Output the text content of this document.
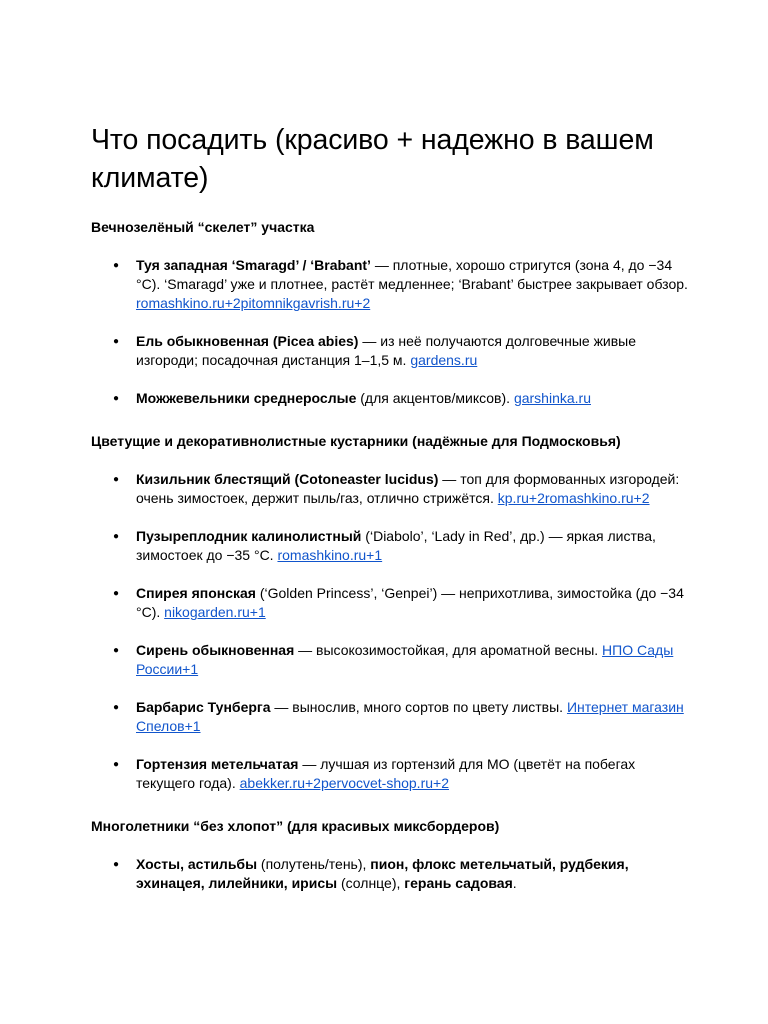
Что посадить (красиво + надежно в вашем климате)
Вечнозелёный “скелет” участка
● Туя западная ‘Smaragd’ / ‘Brabant’ — плотные, хорошо стригутся (зона 4, до −34 °С). ‘Smaragd’ уже и плотнее, растёт медленнее; ‘Brabant’ быстрее закрывает обзор. romashkino.ru+2pitomnikgavrish.ru+2
● Ель обыкновенная (Picea abies) — из неё получаются долговечные живые изгороди; посадочная дистанция 1–1,5 м. gardens.ru
● Можжевельники среднерослые (для акцентов/миксов). garshinka.ru
Цветущие и декоративнолистные кустарники (надёжные для Подмосковья)
● Кизильник блестящий (Cotoneaster lucidus) — топ для формованных изгородей: очень зимостоек, держит пыль/газ, отлично стрижётся. kp.ru+2romashkino.ru+2
● Пузыреплодник калинолистный (‘Diabolo’, ‘Lady in Red’, др.) — яркая листва, зимостоек до −35 °С. romashkino.ru+1
● Спирея японская (‘Golden Princess’, ‘Genpei’) — неприхотлива, зимостойка (до −34 °С). nikogarden.ru+1
● Сирень обыкновенная — высокозимостойкая, для ароматной весны. НПО Сады России+1
● Барбарис Тунберга — вынослив, много сортов по цвету листвы. Интернет магазин Спелов+1
● Гортензия метельчатая — лучшая из гортензий для МО (цветёт на побегах текущего года). abekker.ru+2pervocvet-shop.ru+2
Многолетники “без хлопот” (для красивых миксбордеров)
● Хосты, астильбы (полутень/тень), пион, флокс метельчатый, рудбекия, эхинацея, лилейники, ирисы (солнце), герань садовая.
